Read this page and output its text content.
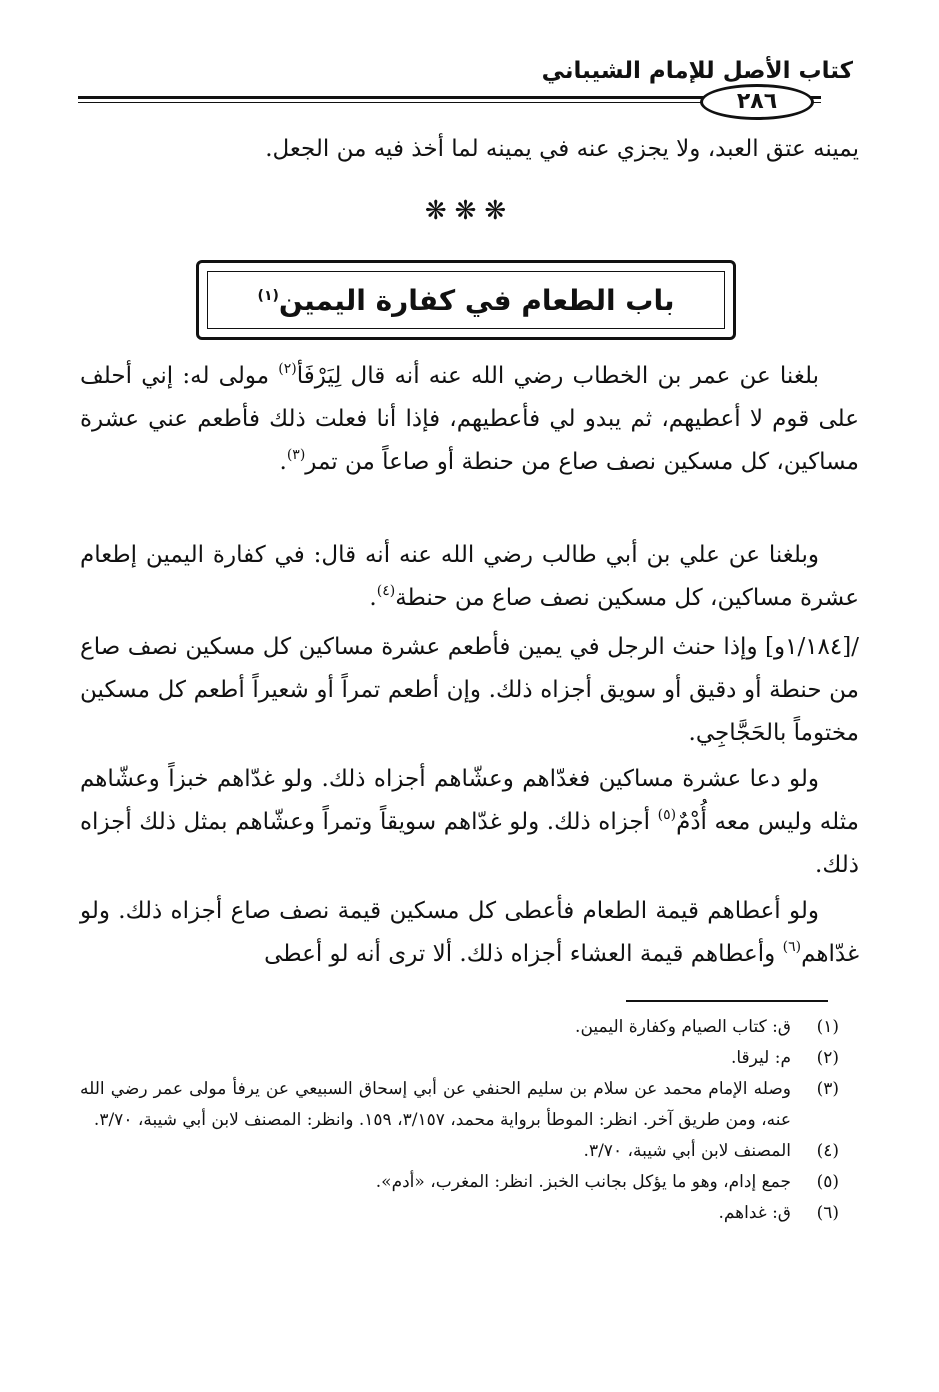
كتاب الأصل للإمام الشيباني
٢٨٦
يمينه عتق العبد، ولا يجزي عنه في يمينه لما أخذ فيه من الجعل.
❋❋❋
باب الطعام في كفارة اليمين$^{(١)}$
بلغنا عن عمر بن الخطاب رضي الله عنه أنه قال لِيَرْفَأ$^{(٢)}$ مولى له: إني أحلف على قوم لا أعطيهم، ثم يبدو لي فأعطيهم، فإذا أنا فعلت ذلك فأطعم عني عشرة مساكين، كل مسكين نصف صاع من حنطة أو صاعاً من تمر$^{(٣)}$.
وبلغنا عن علي بن أبي طالب رضي الله عنه أنه قال: في كفارة اليمين إطعام عشرة مساكين، كل مسكين نصف صاع من حنطة$^{(٤)}$.
/[١/١٨٤و] وإذا حنث الرجل في يمين فأطعم عشرة مساكين كل مسكين نصف صاع من حنطة أو دقيق أو سويق أجزاه ذلك. وإن أطعم تمراً أو شعيراً أطعم كل مسكين مختوماً بالحَجَّاجِي.
ولو دعا عشرة مساكين فغدّاهم وعشّاهم أجزاه ذلك. ولو غدّاهم خبزاً وعشّاهم مثله وليس معه أُدْمٌ$^{(٥)}$ أجزاه ذلك. ولو غدّاهم سويقاً وتمراً وعشّاهم بمثل ذلك أجزاه ذلك.
ولو أعطاهم قيمة الطعام فأعطى كل مسكين قيمة نصف صاع أجزاه ذلك. ولو غدّاهم$^{(٦)}$ وأعطاهم قيمة العشاء أجزاه ذلك. ألا ترى أنه لو أعطى
(١)
ق: كتاب الصيام وكفارة اليمين.
(٢)
م: ليرقا.
(٣)
وصله الإمام محمد عن سلام بن سليم الحنفي عن أبي إسحاق السبيعي عن يرفأ مولى عمر رضي الله عنه، ومن طريق آخر. انظر: الموطأ برواية محمد، ٣/١٥٧، ١٥٩. وانظر: المصنف لابن أبي شيبة، ٣/٧٠.
(٤)
المصنف لابن أبي شيبة، ٣/٧٠.
(٥)
جمع إدام، وهو ما يؤكل بجانب الخبز. انظر: المغرب، «أدم».
(٦)
ق: غداهم.
